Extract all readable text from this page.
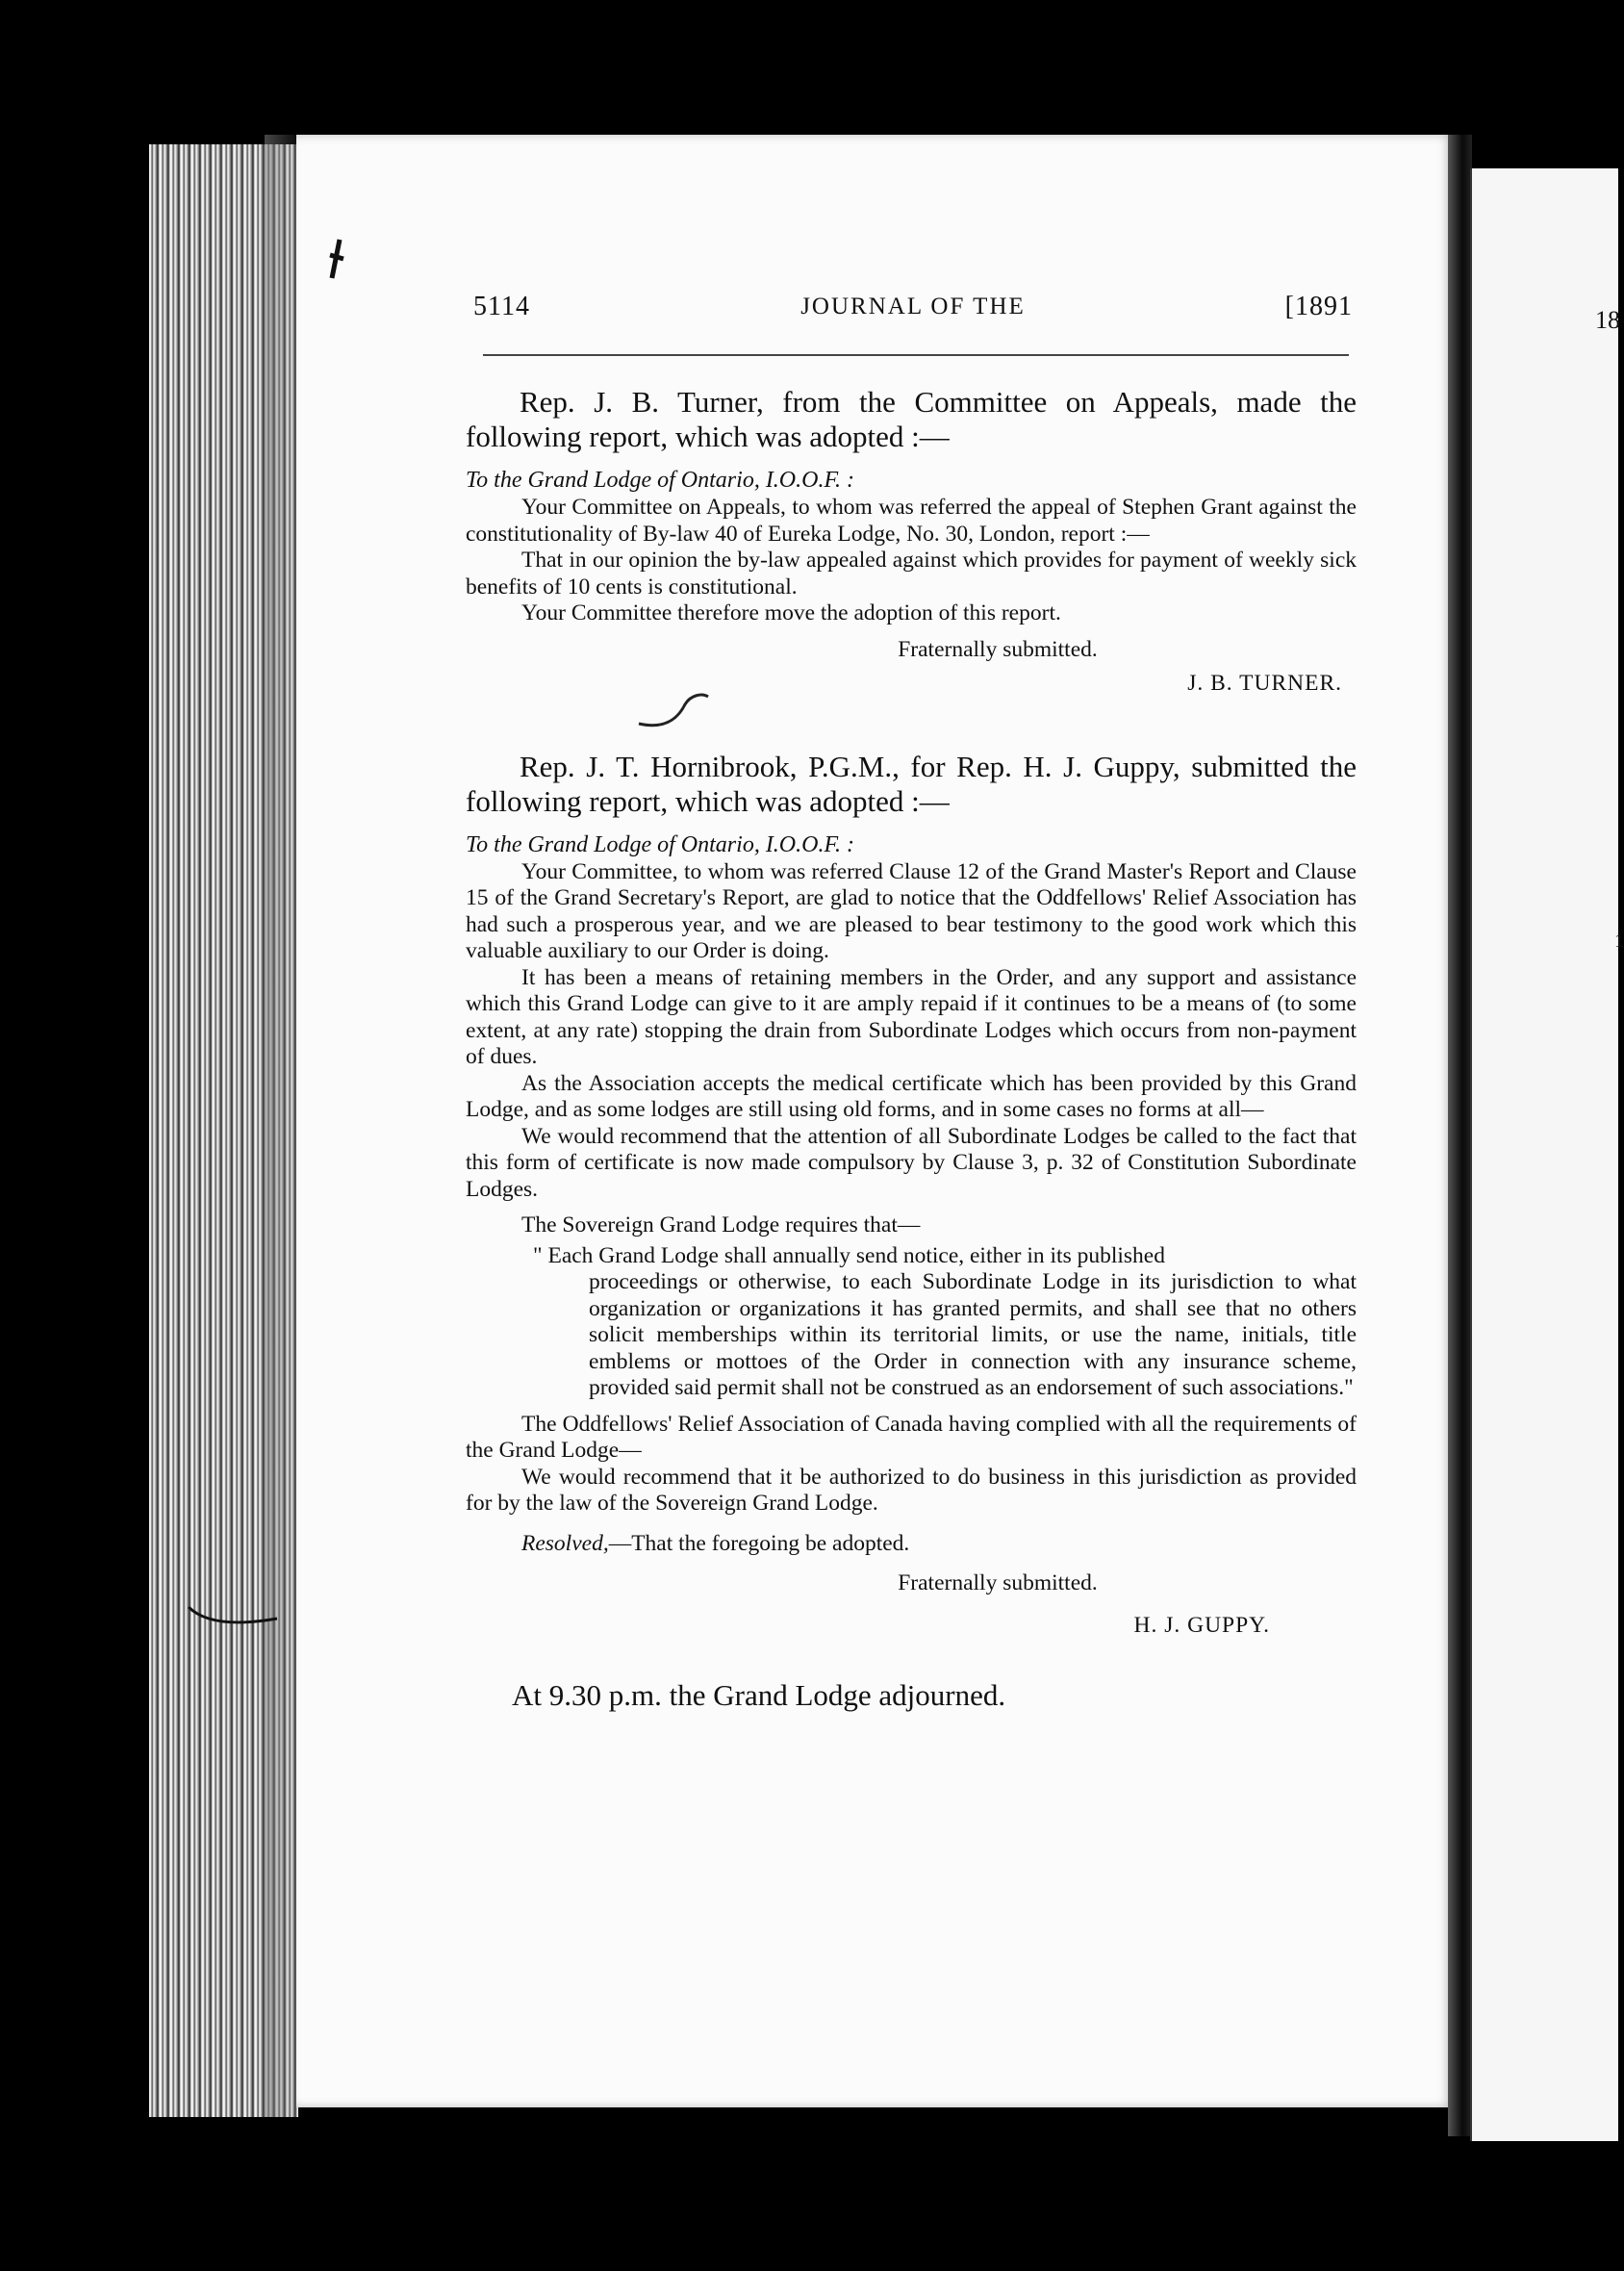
18
1
5114	JOURNAL OF THE	[1891

Rep. J. B. Turner, from the Committee on Appeals, made the following report, which was adopted :—

To the Grand Lodge of Ontario, I.O.O.F. :

Your Committee on Appeals, to whom was referred the appeal of Stephen Grant against the constitutionality of By-law 40 of Eureka Lodge, No. 30, London, report :—

That in our opinion the by-law appealed against which provides for payment of weekly sick benefits of 10 cents is constitutional.

Your Committee therefore move the adoption of this report.

Fraternally submitted.

J. B. TURNER.

Rep. J. T. Hornibrook, P.G.M., for Rep. H. J. Guppy, submitted the following report, which was adopted :—

To the Grand Lodge of Ontario, I.O.O.F. :

Your Committee, to whom was referred Clause 12 of the Grand Master's Report and Clause 15 of the Grand Secretary's Report, are glad to notice that the Oddfellows' Relief Association has had such a prosperous year, and we are pleased to bear testimony to the good work which this valuable auxiliary to our Order is doing.

It has been a means of retaining members in the Order, and any support and assistance which this Grand Lodge can give to it are amply repaid if it continues to be a means of (to some extent, at any rate) stopping the drain from Subordinate Lodges which occurs from non-payment of dues.

As the Association accepts the medical certificate which has been provided by this Grand Lodge, and as some lodges are still using old forms, and in some cases no forms at all—

We would recommend that the attention of all Subordinate Lodges be called to the fact that this form of certificate is now made compulsory by Clause 3, p. 32 of Constitution Subordinate Lodges.

The Sovereign Grand Lodge requires that—

" Each Grand Lodge shall annually send notice, either in its published

proceedings or otherwise, to each Subordinate Lodge in its jurisdiction to what organization or organizations it has granted permits, and shall see that no others solicit memberships within its territorial limits, or use the name, initials, title emblems or mottoes of the Order in connection with any insurance scheme, provided said permit shall not be construed as an endorsement of such associations."

The Oddfellows' Relief Association of Canada having complied with all the requirements of the Grand Lodge—

We would recommend that it be authorized to do business in this jurisdiction as provided for by the law of the Sovereign Grand Lodge.

Resolved,—That the foregoing be adopted.

Fraternally submitted.

H. J. GUPPY.

At 9.30 p.m. the Grand Lodge adjourned.
